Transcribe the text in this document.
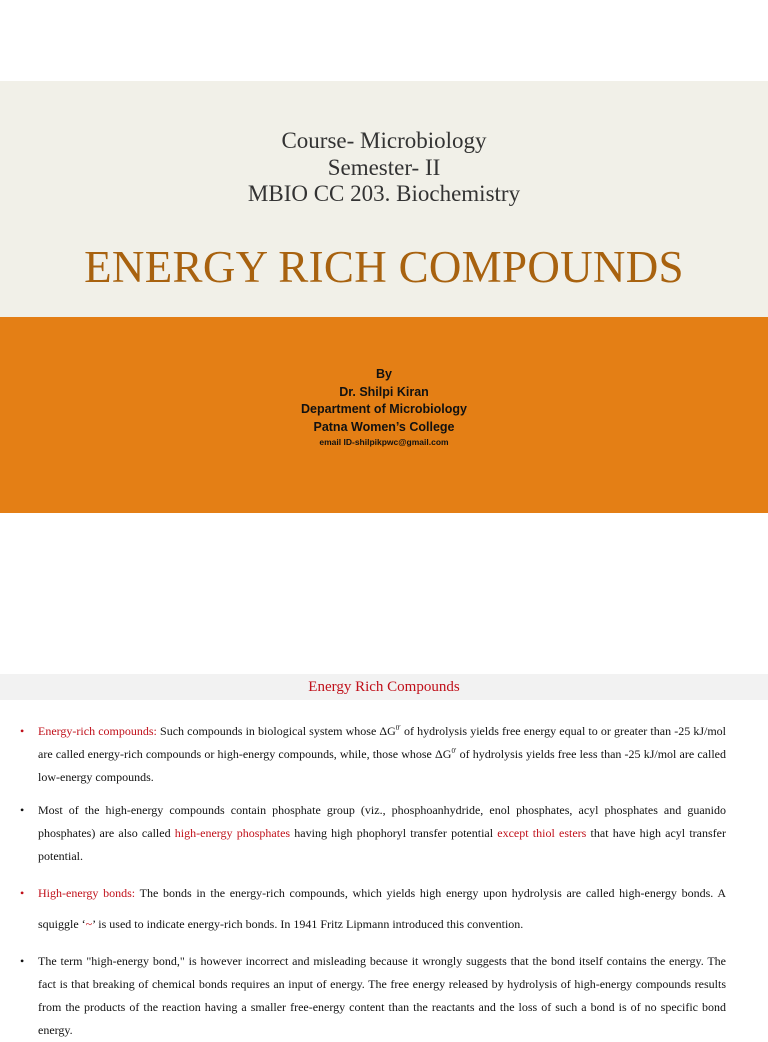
Course- Microbiology
Semester- II
MBIO CC 203. Biochemistry
ENERGY RICH COMPOUNDS
By
Dr. Shilpi Kiran
Department of Microbiology
Patna Women’s College
email ID-shilpikpwc@gmail.com
Energy Rich Compounds
•	Energy-rich compounds: Such compounds in biological system whose $\Delta G^{0'}$ of hydrolysis yields free energy equal to or greater than -25 kJ/mol are called energy-rich compounds or high-energy compounds, while, those whose $\Delta G^{0'}$ of hydrolysis yields free less than -25 kJ/mol are called low-energy compounds.
•	Most of the high-energy compounds contain phosphate group (viz., phosphoanhydride, enol phosphates, acyl phosphates and guanido phosphates) are also called high-energy phosphates having high phophoryl transfer potential except thiol esters that have high acyl transfer potential.
•	High-energy bonds: The bonds in the energy-rich compounds, which yields high energy upon hydrolysis are called high-energy bonds. A squiggle ‘~’ is used to indicate energy-rich bonds. In 1941 Fritz Lipmann introduced this convention.
•	The term "high-energy bond," is however incorrect and misleading because it wrongly suggests that the bond itself contains the energy. The fact is that breaking of chemical bonds requires an input of energy. The free energy released by hydrolysis of high-energy compounds results from the products of the reaction having a smaller free-energy content than the reactants and the loss of such a bond is of no specific bond energy.
